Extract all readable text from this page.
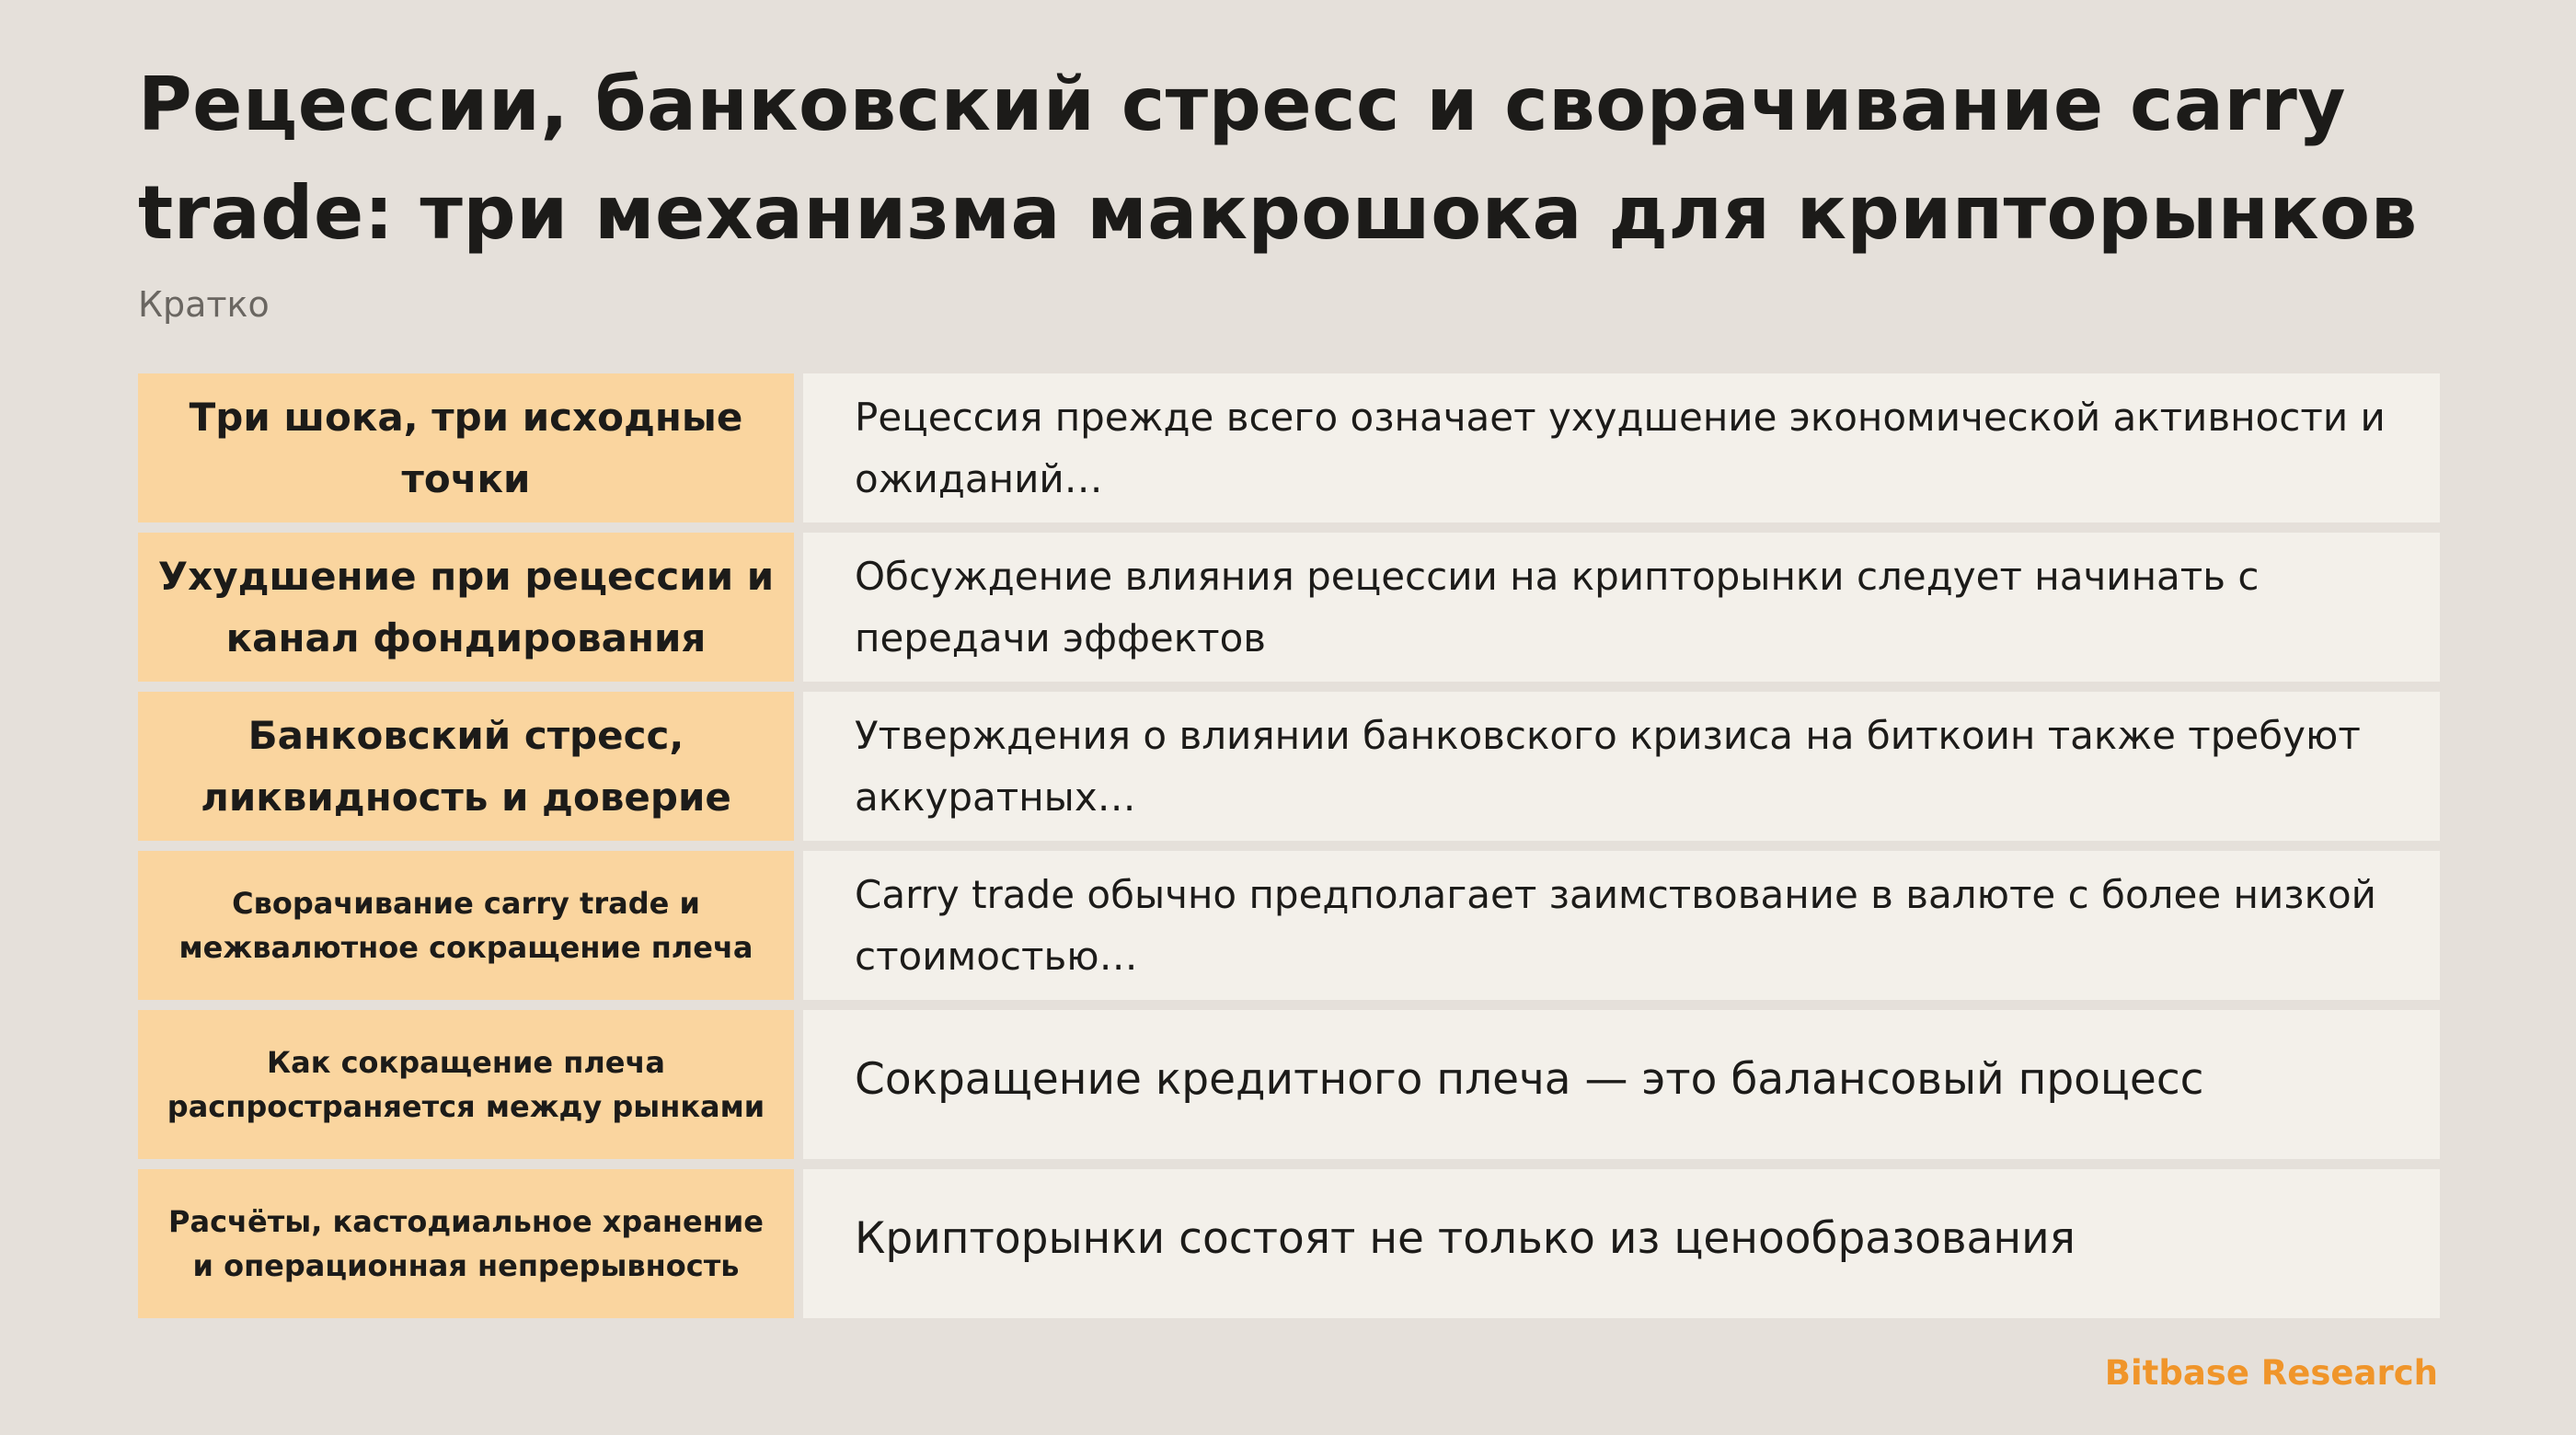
Рецессии, банковский стресс и сворачивание carry trade: три механизма макрошока для крипторынков
Кратко
Три шока, три исходные точки
Рецессия прежде всего означает ухудшение экономической активности и ожиданий…
Ухудшение при рецессии и канал фондирования
Обсуждение влияния рецессии на крипторынки следует начинать с передачи эффектов
Банковский стресс, ликвидность и доверие
Утверждения о влиянии банковского кризиса на биткоин также требуют аккуратных…
Сворачивание carry trade и межвалютное сокращение плеча
Carry trade обычно предполагает заимствование в валюте с более низкой стоимостью…
Как сокращение плеча распространяется между рынками
Сокращение кредитного плеча — это балансовый процесс
Расчёты, кастодиальное хранение и операционная непрерывность
Крипторынки состоят не только из ценообразования
Bitbase Research
